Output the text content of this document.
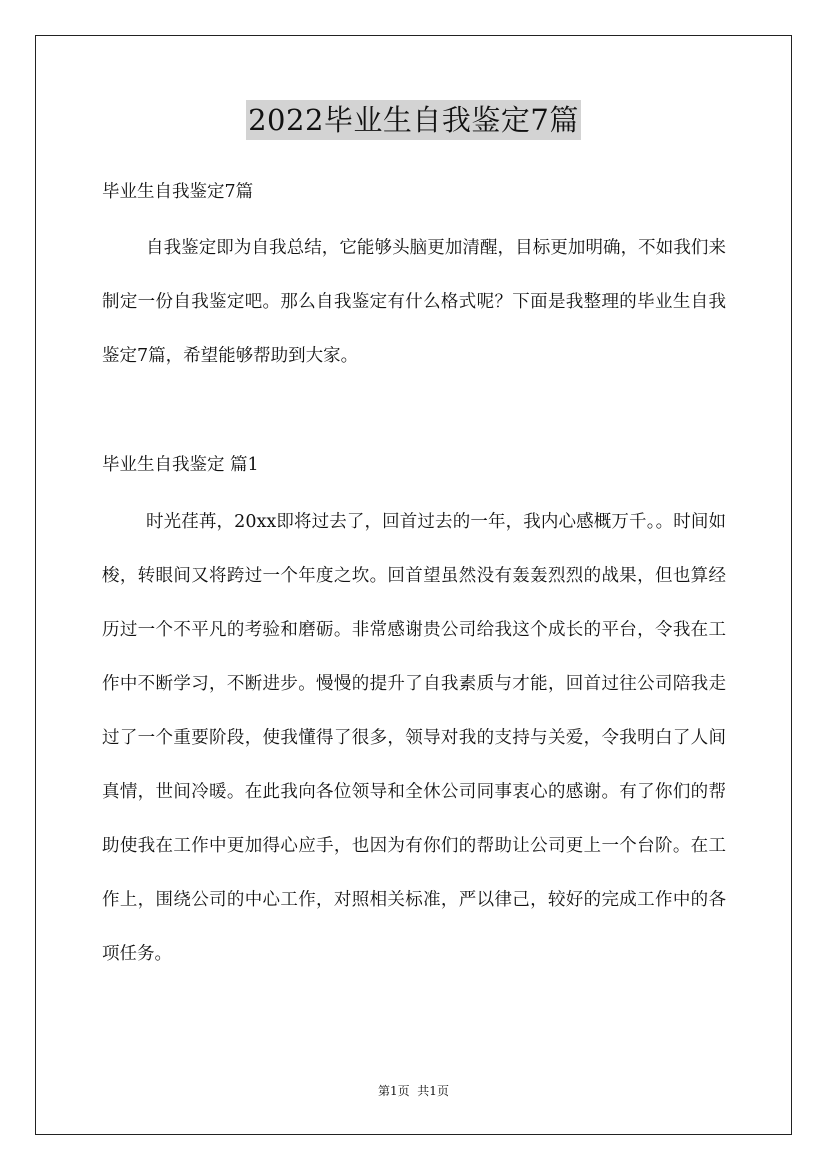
2022毕业生自我鉴定7篇
毕业生自我鉴定7篇
自我鉴定即为自我总结，它能够头脑更加清醒，目标更加明确，不如我们来制定一份自我鉴定吧。那么自我鉴定有什么格式呢？下面是我整理的毕业生自我鉴定7篇，希望能够帮助到大家。
毕业生自我鉴定 篇1
时光荏苒，20xx即将过去了，回首过去的一年，我内心感概万千。。时间如梭，转眼间又将跨过一个年度之坎。回首望虽然没有轰轰烈烈的战果，但也算经历过一个不平凡的考验和磨砺。非常感谢贵公司给我这个成长的平台，令我在工作中不断学习，不断进步。慢慢的提升了自我素质与才能，回首过往公司陪我走过了一个重要阶段，使我懂得了很多，领导对我的支持与关爱，令我明白了人间真情，世间冷暖。在此我向各位领导和全休公司同事衷心的感谢。有了你们的帮助使我在工作中更加得心应手，也因为有你们的帮助让公司更上一个台阶。在工作上，围绕公司的中心工作，对照相关标准，严以律己，较好的完成工作中的各项任务。
第1页  共1页
